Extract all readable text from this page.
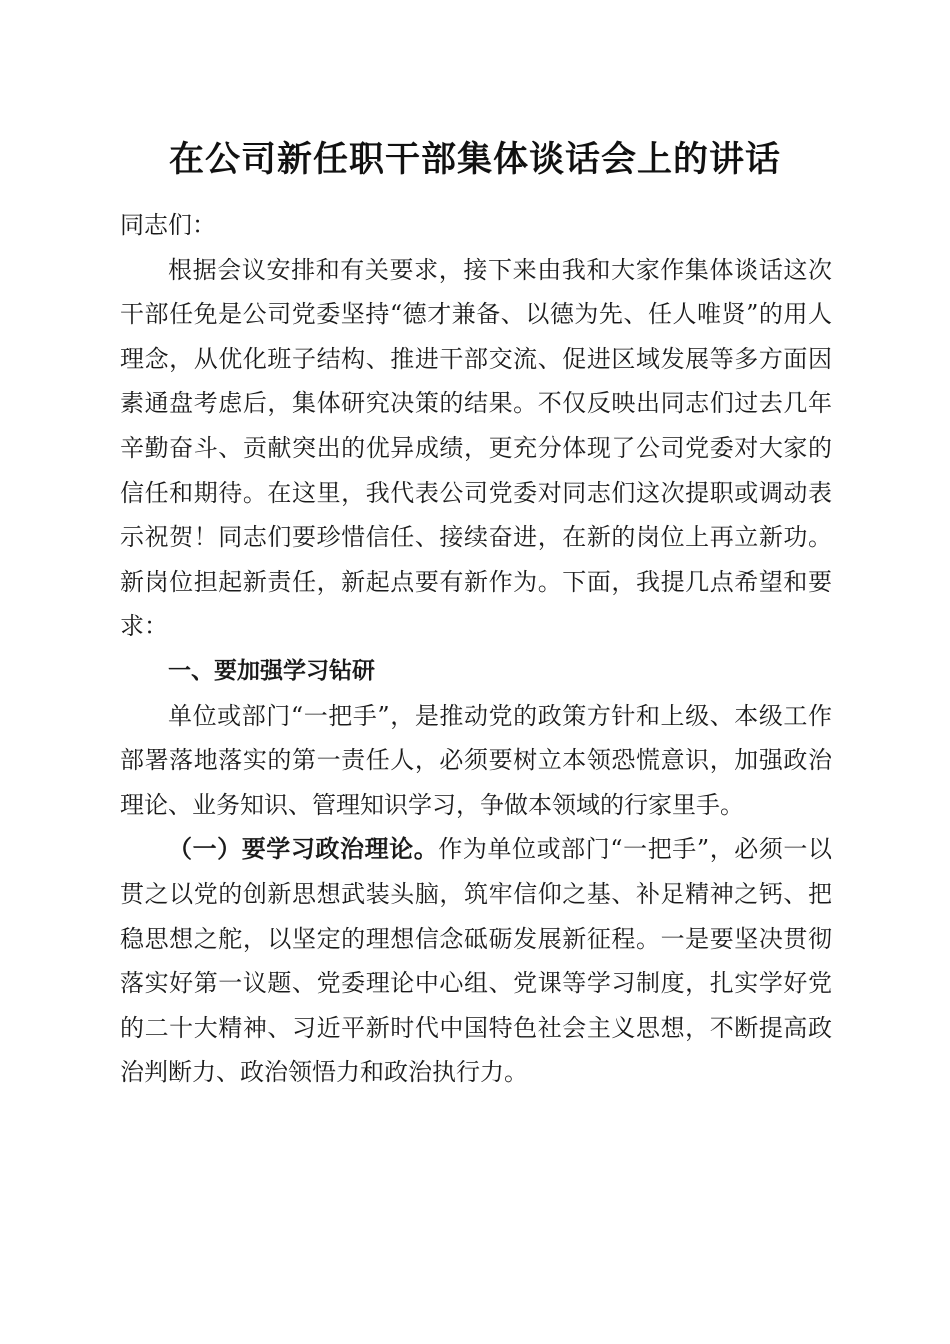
在公司新任职干部集体谈话会上的讲话

同志们：

根据会议安排和有关要求，接下来由我和大家作集体谈话这次干部任免是公司党委坚持“德才兼备、以德为先、任人唯贤”的用人理念，从优化班子结构、推进干部交流、促进区域发展等多方面因素通盘考虑后，集体研究决策的结果。不仅反映出同志们过去几年辛勤奋斗、贡献突出的优异成绩，更充分体现了公司党委对大家的信任和期待。在这里，我代表公司党委对同志们这次提职或调动表示祝贺！同志们要珍惜信任、接续奋进，在新的岗位上再立新功。新岗位担起新责任，新起点要有新作为。下面，我提几点希望和要求：

一、要加强学习钻研

单位或部门“一把手”，是推动党的政策方针和上级、本级工作部署落地落实的第一责任人，必须要树立本领恐慌意识，加强政治理论、业务知识、管理知识学习，争做本领域的行家里手。

（一）要学习政治理论。作为单位或部门“一把手”，必须一以贯之以党的创新思想武装头脑，筑牢信仰之基、补足精神之钙、把稳思想之舵，以坚定的理想信念砥砺发展新征程。一是要坚决贯彻落实好第一议题、党委理论中心组、党课等学习制度，扎实学好党的二十大精神、习近平新时代中国特色社会主义思想，不断提高政治判断力、政治领悟力和政治执行力。
